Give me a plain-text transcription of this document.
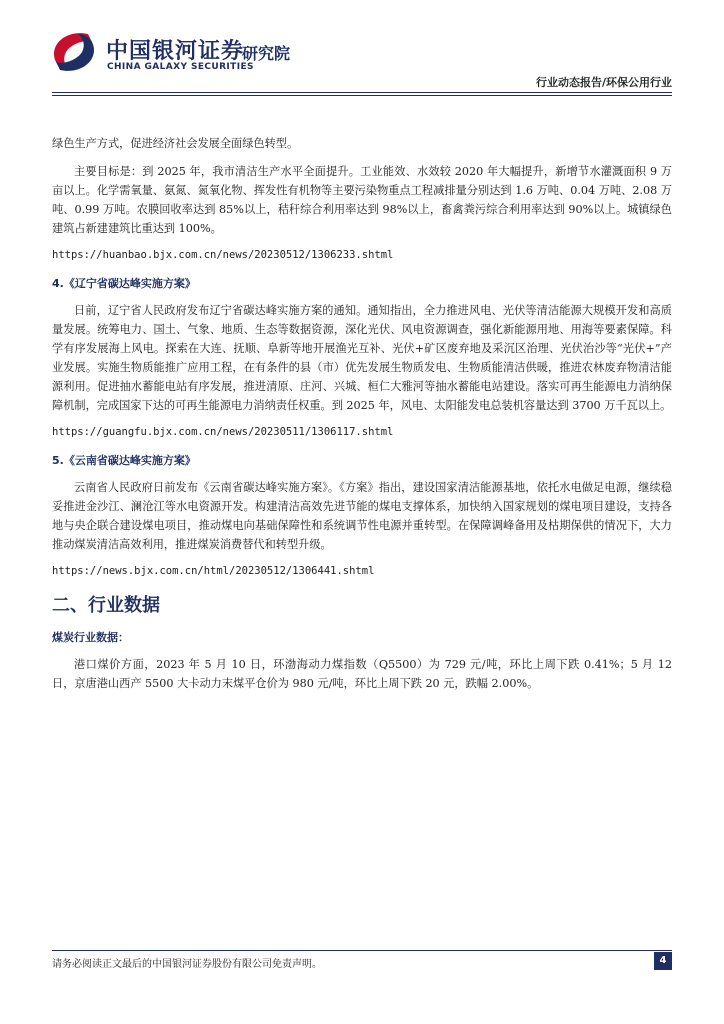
中国银河证券
CHINA GALAXY SECURITIES
研究院
行业动态报告/环保公用行业

绿色生产方式，促进经济社会发展全面绿色转型。

主要目标是：到 2025 年，我市清洁生产水平全面提升。工业能效、水效较 2020 年大幅提升，新增节水灌溉面积 9 万亩以上。化学需氧量、氨氮、氮氧化物、挥发性有机物等主要污染物重点工程减排量分别达到 1.6 万吨、0.04 万吨、2.08 万吨、0.99 万吨。农膜回收率达到 85%以上，秸秆综合利用率达到 98%以上，畜禽粪污综合利用率达到 90%以上。城镇绿色建筑占新建建筑比重达到 100%。

https://huanbao.bjx.com.cn/news/20230512/1306233.shtml
4.《辽宁省碳达峰实施方案》

日前，辽宁省人民政府发布辽宁省碳达峰实施方案的通知。通知指出，全力推进风电、光伏等清洁能源大规模开发和高质量发展。统筹电力、国土、气象、地质、生态等数据资源，深化光伏、风电资源调查，强化新能源用地、用海等要素保障。科学有序发展海上风电。探索在大连、抚顺、阜新等地开展渔光互补、光伏+矿区废弃地及采沉区治理、光伏治沙等“光伏+”产业发展。实施生物质能推广应用工程，在有条件的县（市）优先发展生物质发电、生物质能清洁供暖，推进农林废弃物清洁能源利用。促进抽水蓄能电站有序发展，推进清原、庄河、兴城、桓仁大雅河等抽水蓄能电站建设。落实可再生能源电力消纳保障机制，完成国家下达的可再生能源电力消纳责任权重。到 2025 年，风电、太阳能发电总装机容量达到 3700 万千瓦以上。

https://guangfu.bjx.com.cn/news/20230511/1306117.shtml
5.《云南省碳达峰实施方案》

云南省人民政府日前发布《云南省碳达峰实施方案》。《方案》指出，建设国家清洁能源基地，依托水电做足电源，继续稳妥推进金沙江、澜沧江等水电资源开发。构建清洁高效先进节能的煤电支撑体系，加快纳入国家规划的煤电项目建设，支持各地与央企联合建设煤电项目，推动煤电向基础保障性和系统调节性电源并重转型。在保障调峰备用及枯期保供的情况下，大力推动煤炭清洁高效利用，推进煤炭消费替代和转型升级。

https://news.bjx.com.cn/html/20230512/1306441.shtml
二、行业数据
煤炭行业数据：

港口煤价方面，2023 年 5 月 10 日，环渤海动力煤指数（Q5500）为 729 元/吨，环比上周下跌 0.41%；5 月 12 日，京唐港山西产 5500 大卡动力末煤平仓价为 980 元/吨，环比上周下跌 20 元，跌幅 2.00%。

请务必阅读正文最后的中国银河证券股份有限公司免责声明。	4
